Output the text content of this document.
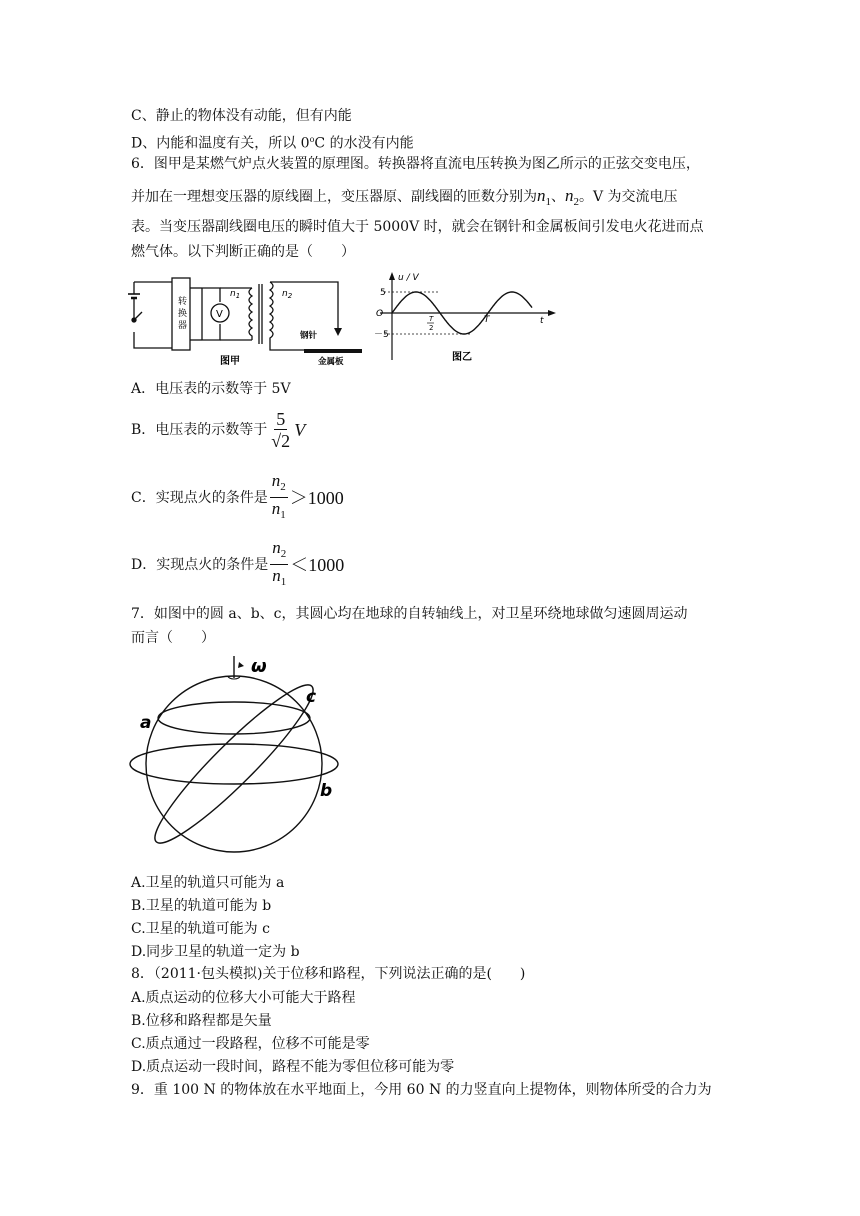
C、静止的物体没有动能，但有内能
D、内能和温度有关，所以 0$^o$C 的水没有内能
6．图甲是某燃气炉点火装置的原理图。转换器将直流电压转换为图乙所示的正弦交变电压，
并加在一理想变压器的原线圈上，变压器原、副线圈的匝数分别为$n_1$、$n_2$。V 为交流电压
表。当变压器副线圈电压的瞬时值大于 5000V 时，就会在钢针和金属板间引发电火花进而点
燃气体。以下判断正确的是（　　）
转
换
器
V
$n_1$	$n_2$
钢针
金属板
图甲
u / V
5
O
－5
T
2
T	t
图乙
A．电压表的示数等于 5V
B．电压表的示数等于 $\frac{5}{√2}$ V
C．实现点火的条件是 $\frac{n_2}{n_1} >1000$
D．实现点火的条件是 $\frac{n_2}{n_1} <1000$
7．如图中的圆 a、b、c，其圆心均在地球的自转轴线上，对卫星环绕地球做匀速圆周运动
而言（　　）
ω
a
b
c
A.卫星的轨道只可能为 a
B.卫星的轨道可能为 b
C.卫星的轨道可能为 c
D.同步卫星的轨道一定为 b
8．（2011·包头模拟)关于位移和路程，下列说法正确的是(　　)
A.质点运动的位移大小可能大于路程
B.位移和路程都是矢量
C.质点通过一段路程，位移不可能是零
D.质点运动一段时间，路程不能为零但位移可能为零
9．重 100 N 的物体放在水平地面上，今用 60 N 的力竖直向上提物体，则物体所受的合力为
